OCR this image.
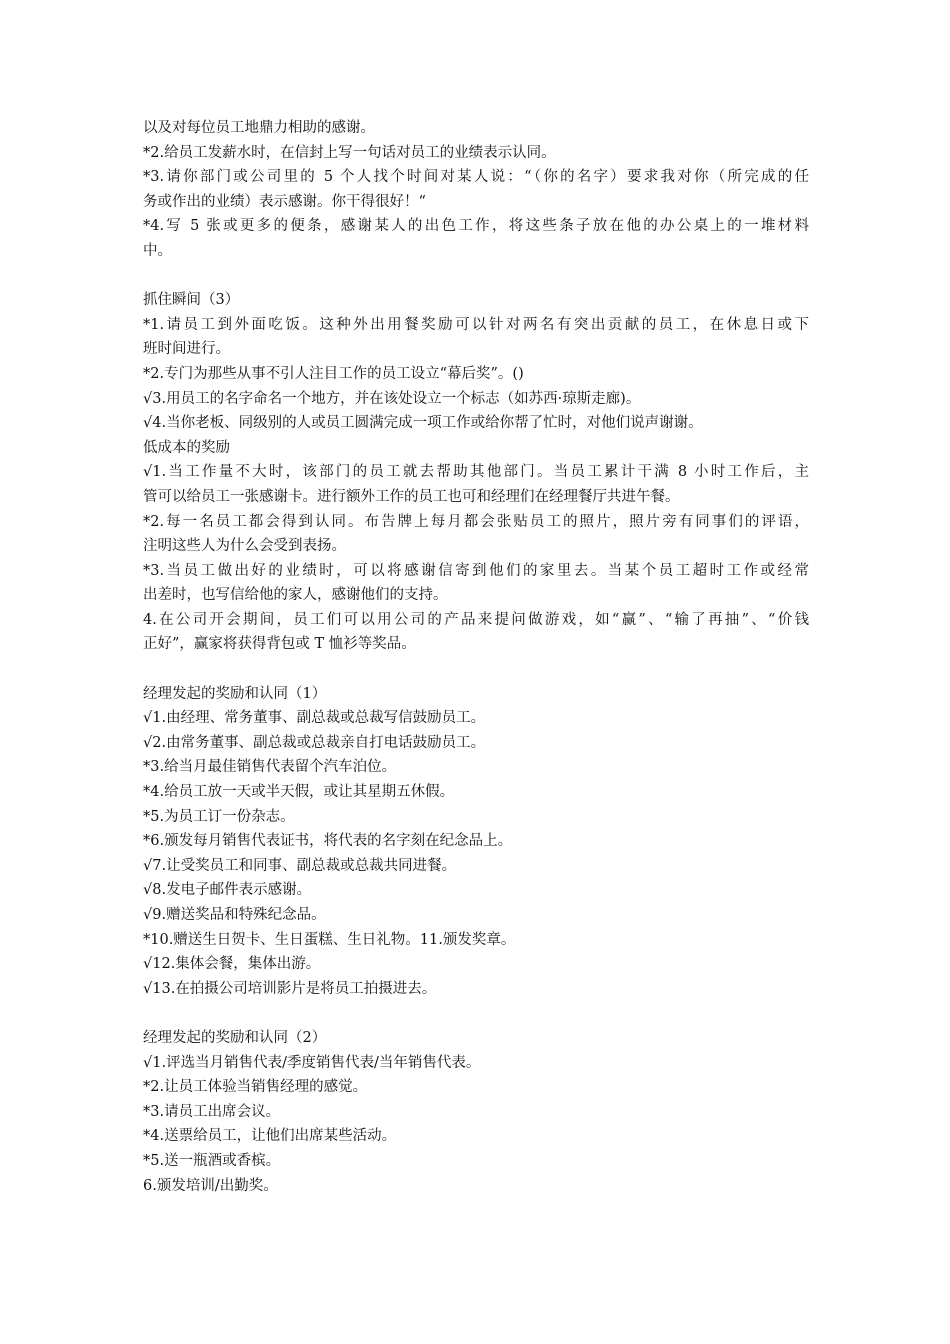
以及对每位员工地鼎力相助的感谢。

*2.给员工发薪水时，在信封上写一句话对员工的业绩表示认同。

*3.请你部门或公司里的 5 个人找个时间对某人说：“（你的名字）要求我对你（所完成的任

务或作出的业绩）表示感谢。你干得很好！“

*4.写 5 张或更多的便条，感谢某人的出色工作，将这些条子放在他的办公桌上的一堆材料

中。

抓住瞬间（3）

*1.请员工到外面吃饭。这种外出用餐奖励可以针对两名有突出贡献的员工，在休息日或下

班时间进行。

*2.专门为那些从事不引人注目工作的员工设立“幕后奖”。()

√3.用员工的名字命名一个地方，并在该处设立一个标志（如苏西·琼斯走廊)。

√4.当你老板、同级别的人或员工圆满完成一项工作或给你帮了忙时，对他们说声谢谢。

低成本的奖励

√1.当工作量不大时，该部门的员工就去帮助其他部门。当员工累计干满 8 小时工作后，主

管可以给员工一张感谢卡。进行额外工作的员工也可和经理们在经理餐厅共进午餐。

*2.每一名员工都会得到认同。布告牌上每月都会张贴员工的照片，照片旁有同事们的评语，

注明这些人为什么会受到表扬。

*3.当员工做出好的业绩时，可以将感谢信寄到他们的家里去。当某个员工超时工作或经常

出差时，也写信给他的家人，感谢他们的支持。

4.在公司开会期间，员工们可以用公司的产品来提问做游戏，如“赢”、“输了再抽”、“价钱

正好”，赢家将获得背包或 T 恤衫等奖品。

经理发起的奖励和认同（1）

√1.由经理、常务董事、副总裁或总裁写信鼓励员工。

√2.由常务董事、副总裁或总裁亲自打电话鼓励员工。

*3.给当月最佳销售代表留个汽车泊位。

*4.给员工放一天或半天假，或让其星期五休假。

*5.为员工订一份杂志。

*6.颁发每月销售代表证书，将代表的名字刻在纪念品上。

√7.让受奖员工和同事、副总裁或总裁共同进餐。

√8.发电子邮件表示感谢。

√9.赠送奖品和特殊纪念品。

*10.赠送生日贺卡、生日蛋糕、生日礼物。11.颁发奖章。

√12.集体会餐，集体出游。

√13.在拍摄公司培训影片是将员工拍摄进去。

经理发起的奖励和认同（2）

√1.评选当月销售代表/季度销售代表/当年销售代表。

*2.让员工体验当销售经理的感觉。

*3.请员工出席会议。

*4.送票给员工，让他们出席某些活动。

*5.送一瓶酒或香槟。

6.颁发培训/出勤奖。
